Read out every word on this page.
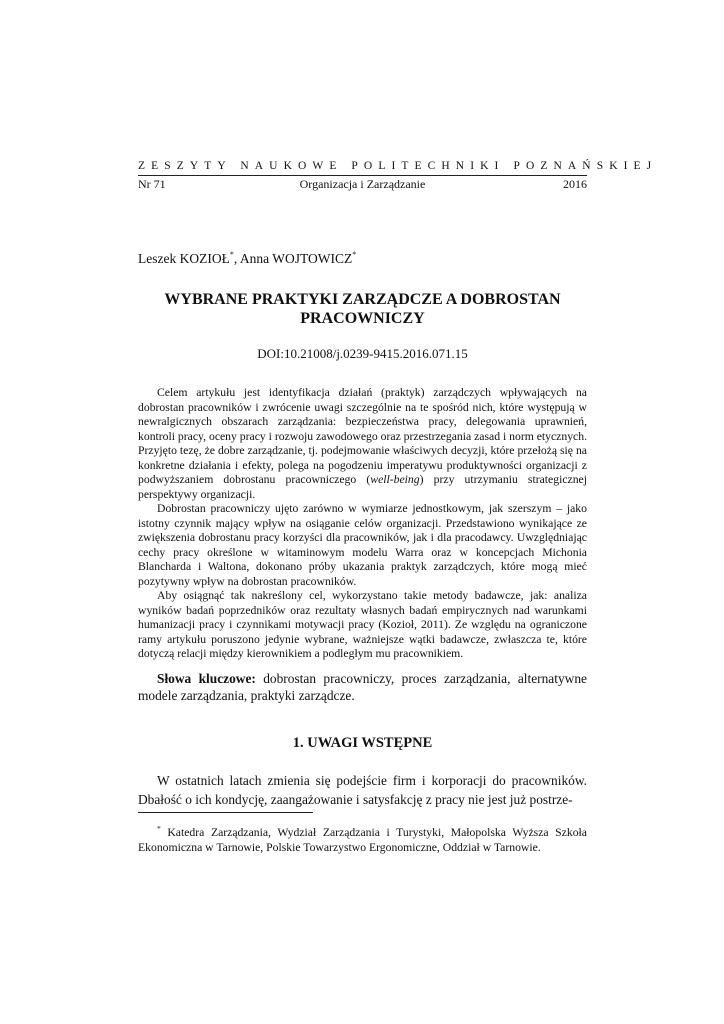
ZESZYTY NAUKOWE POLITECHNIKI POZNAŃSKIEJ
Nr 71	Organizacja i Zarządzanie	2016
Leszek KOZIOŁ*, Anna WOJTOWICZ*
WYBRANE PRAKTYKI ZARZĄDCZE A DOBROSTAN PRACOWNICZY
DOI:10.21008/j.0239-9415.2016.071.15

Celem artykułu jest identyfikacja działań (praktyk) zarządczych wpływających na dobrostan pracowników i zwrócenie uwagi szczególnie na te spośród nich, które występują w newralgicznych obszarach zarządzania: bezpieczeństwa pracy, delegowania uprawnień, kontroli pracy, oceny pracy i rozwoju zawodowego oraz przestrzegania zasad i norm etycznych. Przyjęto tezę, że dobre zarządzanie, tj. podejmowanie właściwych decyzji, które przełożą się na konkretne działania i efekty, polega na pogodzeniu imperatywu produktywności organizacji z podwyższaniem dobrostanu pracowniczego (well-being) przy utrzymaniu strategicznej perspektywy organizacji.

Dobrostan pracowniczy ujęto zarówno w wymiarze jednostkowym, jak szerszym – jako istotny czynnik mający wpływ na osiąganie celów organizacji. Przedstawiono wynikające ze zwiększenia dobrostanu pracy korzyści dla pracowników, jak i dla pracodawcy. Uwzględniając cechy pracy określone w witaminowym modelu Warra oraz w koncepcjach Michonia Blancharda i Waltona, dokonano próby ukazania praktyk zarządczych, które mogą mieć pozytywny wpływ na dobrostan pracowników.

Aby osiągnąć tak nakreślony cel, wykorzystano takie metody badawcze, jak: analiza wyników badań poprzedników oraz rezultaty własnych badań empirycznych nad warunkami humanizacji pracy i czynnikami motywacji pracy (Kozioł, 2011). Ze względu na ograniczone ramy artykułu poruszono jedynie wybrane, ważniejsze wątki badawcze, zwłaszcza te, które dotyczą relacji między kierownikiem a podległym mu pracownikiem.

Słowa kluczowe: dobrostan pracowniczy, proces zarządzania, alternatywne modele zarządzania, praktyki zarządcze.
1. UWAGI WSTĘPNE
W ostatnich latach zmienia się podejście firm i korporacji do pracowników. Dbałość o ich kondycję, zaangażowanie i satysfakcję z pracy nie jest już postrze-
* Katedra Zarządzania, Wydział Zarządzania i Turystyki, Małopolska Wyższa Szkoła Ekonomiczna w Tarnowie, Polskie Towarzystwo Ergonomiczne, Oddział w Tarnowie.
